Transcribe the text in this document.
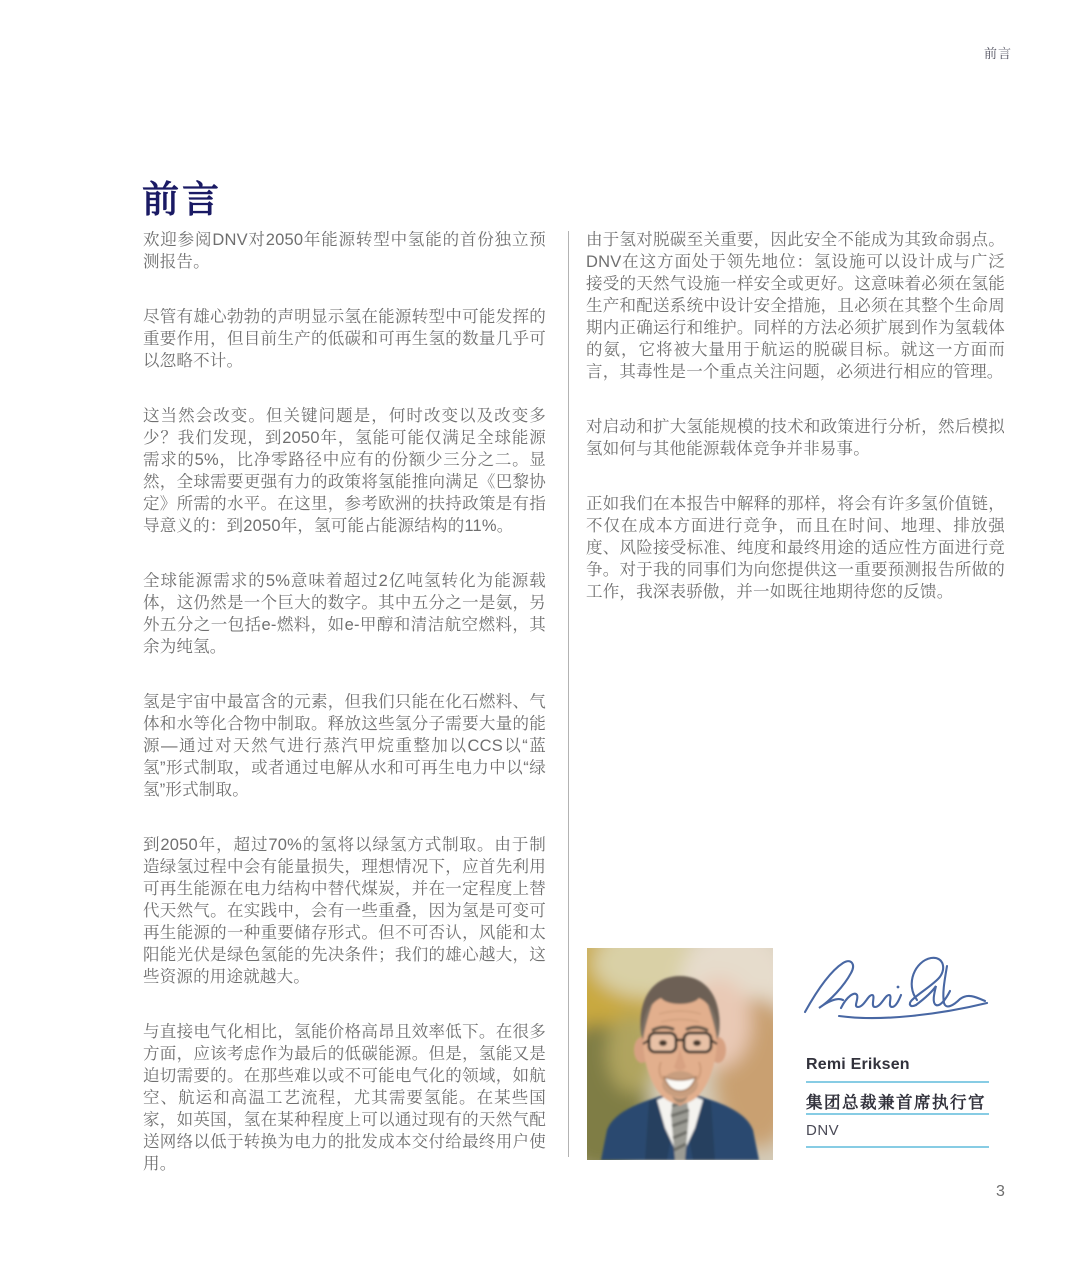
前言
前言

欢迎参阅DNV对2050年能源转型中氢能的首份独立预测报告。

尽管有雄心勃勃的声明显示氢在能源转型中可能发挥的重要作用，但目前生产的低碳和可再生氢的数量几乎可以忽略不计。

这当然会改变。但关键问题是，何时改变以及改变多少？我们发现，到2050年，氢能可能仅满足全球能源需求的5%，比净零路径中应有的份额少三分之二。显然，全球需要更强有力的政策将氢能推向满足《巴黎协定》所需的水平。在这里，参考欧洲的扶持政策是有指导意义的：到2050年，氢可能占能源结构的11%。

全球能源需求的5%意味着超过2亿吨氢转化为能源载体，这仍然是一个巨大的数字。其中五分之一是氨，另外五分之一包括e-燃料，如e-甲醇和清洁航空燃料，其余为纯氢。

氢是宇宙中最富含的元素，但我们只能在化石燃料、气体和水等化合物中制取。释放这些氢分子需要大量的能源—通过对天然气进行蒸汽甲烷重整加以CCS以“蓝氢”形式制取，或者通过电解从水和可再生电力中以“绿氢”形式制取。

到2050年，超过70%的氢将以绿氢方式制取。由于制造绿氢过程中会有能量损失，理想情况下，应首先利用可再生能源在电力结构中替代煤炭，并在一定程度上替代天然气。在实践中，会有一些重叠，因为氢是可变可再生能源的一种重要储存形式。但不可否认，风能和太阳能光伏是绿色氢能的先决条件；我们的雄心越大，这些资源的用途就越大。

与直接电气化相比，氢能价格高昂且效率低下。在很多方面，应该考虑作为最后的低碳能源。但是，氢能又是迫切需要的。在那些难以或不可能电气化的领域，如航空、航运和高温工艺流程，尤其需要氢能。在某些国家，如英国，氢在某种程度上可以通过现有的天然气配送网络以低于转换为电力的批发成本交付给最终用户使用。

由于氢对脱碳至关重要，因此安全不能成为其致命弱点。DNV在这方面处于领先地位：氢设施可以设计成与广泛接受的天然气设施一样安全或更好。这意味着必须在氢能生产和配送系统中设计安全措施，且必须在其整个生命周期内正确运行和维护。同样的方法必须扩展到作为氢载体的氨，它将被大量用于航运的脱碳目标。就这一方面而言，其毒性是一个重点关注问题，必须进行相应的管理。

对启动和扩大氢能规模的技术和政策进行分析，然后模拟氢如何与其他能源载体竞争并非易事。

正如我们在本报告中解释的那样，将会有许多氢价值链，不仅在成本方面进行竞争，而且在时间、地理、排放强度、风险接受标准、纯度和最终用途的适应性方面进行竞争。对于我的同事们为向您提供这一重要预测报告所做的工作，我深表骄傲，并一如既往地期待您的反馈。

Remi Eriksen
集团总裁兼首席执行官
DNV
3
